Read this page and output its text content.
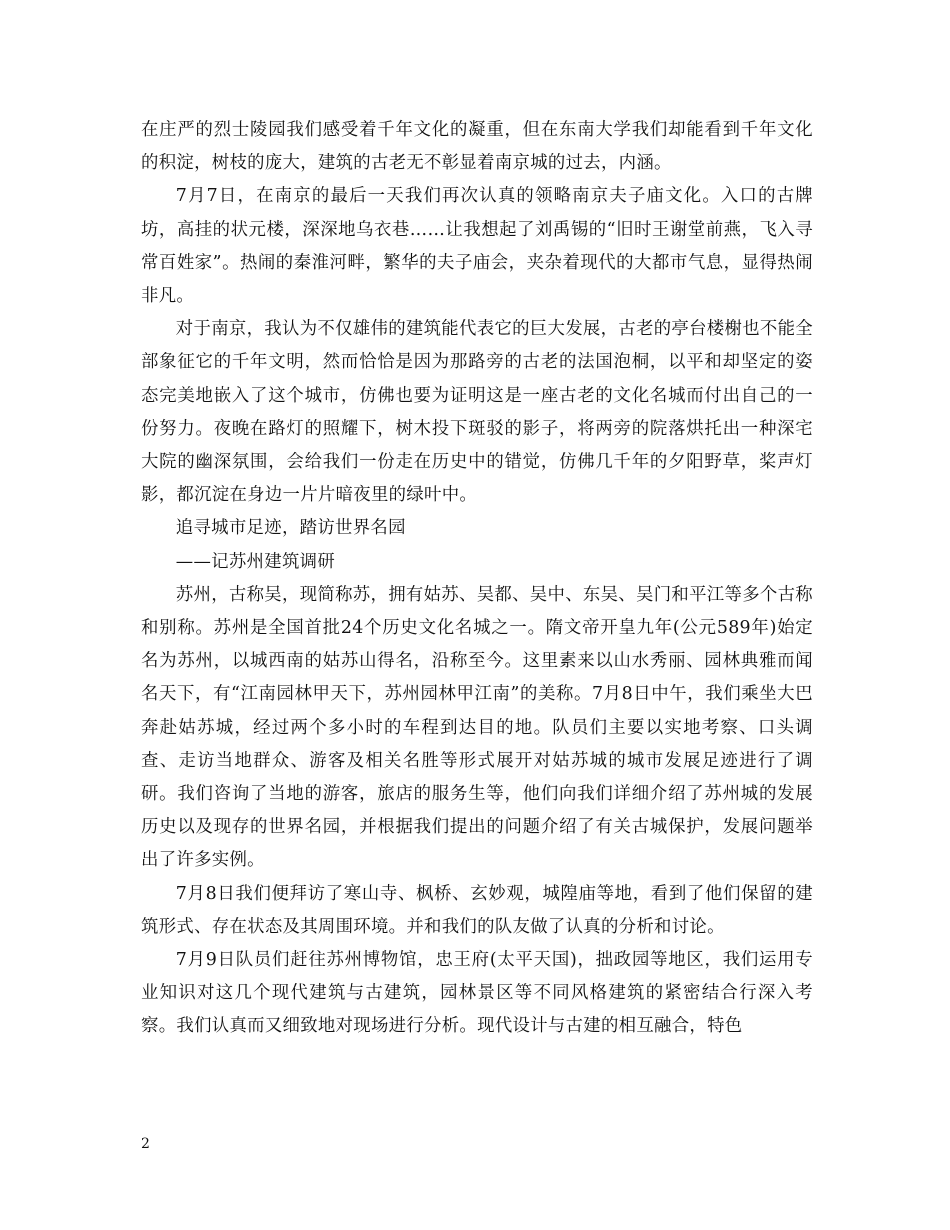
在庄严的烈士陵园我们感受着千年文化的凝重，但在东南大学我们却能看到千年文化的积淀，树枝的庞大，建筑的古老无不彰显着南京城的过去，内涵。

7月7日，在南京的最后一天我们再次认真的领略南京夫子庙文化。入口的古牌坊，高挂的状元楼，深深地乌衣巷……让我想起了刘禹锡的“旧时王谢堂前燕，飞入寻常百姓家”。热闹的秦淮河畔，繁华的夫子庙会，夹杂着现代的大都市气息，显得热闹非凡。

对于南京，我认为不仅雄伟的建筑能代表它的巨大发展，古老的亭台楼榭也不能全部象征它的千年文明，然而恰恰是因为那路旁的古老的法国泡桐，以平和却坚定的姿态完美地嵌入了这个城市，仿佛也要为证明这是一座古老的文化名城而付出自己的一份努力。夜晚在路灯的照耀下，树木投下斑驳的影子，将两旁的院落烘托出一种深宅大院的幽深氛围，会给我们一份走在历史中的错觉，仿佛几千年的夕阳野草，桨声灯影，都沉淀在身边一片片暗夜里的绿叶中。

追寻城市足迹，踏访世界名园

——记苏州建筑调研

苏州，古称吴，现简称苏，拥有姑苏、吴都、吴中、东吴、吴门和平江等多个古称和别称。苏州是全国首批24个历史文化名城之一。隋文帝开皇九年(公元589年)始定名为苏州，以城西南的姑苏山得名，沿称至今。这里素来以山水秀丽、园林典雅而闻名天下，有“江南园林甲天下，苏州园林甲江南”的美称。7月8日中午，我们乘坐大巴奔赴姑苏城，经过两个多小时的车程到达目的地。队员们主要以实地考察、口头调查、走访当地群众、游客及相关名胜等形式展开对姑苏城的城市发展足迹进行了调研。我们咨询了当地的游客，旅店的服务生等，他们向我们详细介绍了苏州城的发展历史以及现存的世界名园，并根据我们提出的问题介绍了有关古城保护，发展问题举出了许多实例。

7月8日我们便拜访了寒山寺、枫桥、玄妙观，城隍庙等地，看到了他们保留的建筑形式、存在状态及其周围环境。并和我们的队友做了认真的分析和讨论。

7月9日队员们赶往苏州博物馆，忠王府(太平天国)，拙政园等地区，我们运用专业知识对这几个现代建筑与古建筑，园林景区等不同风格建筑的紧密结合行深入考察。我们认真而又细致地对现场进行分析。现代设计与古建的相互融合，特色

2
